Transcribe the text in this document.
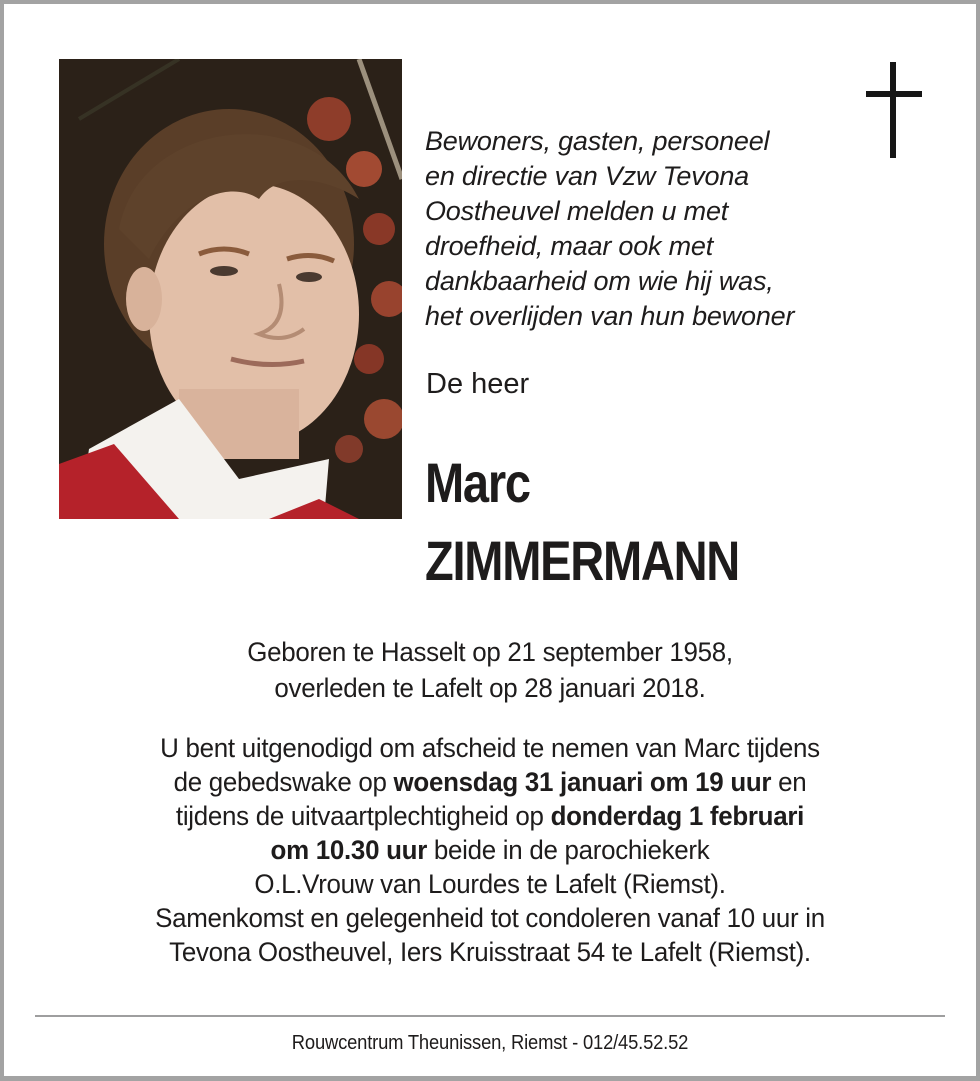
Bewoners, gasten, personeel
en directie van Vzw Tevona
Oostheuvel melden u met
droefheid, maar ook met
dankbaarheid om wie hij was,
het overlijden van hun bewoner
De heer
Marc
ZIMMERMANN
Geboren te Hasselt op 21 september 1958,
overleden te Lafelt op 28 januari 2018.
U bent uitgenodigd om afscheid te nemen van Marc tijdens
de gebedswake op woensdag 31 januari om 19 uur en
tijdens de uitvaartplechtigheid op donderdag 1 februari
om 10.30 uur beide in de parochiekerk
O.L.Vrouw van Lourdes te Lafelt (Riemst).
Samenkomst en gelegenheid tot condoleren vanaf 10 uur in
Tevona Oostheuvel, Iers Kruisstraat 54 te Lafelt (Riemst).
Rouwcentrum Theunissen, Riemst - 012/45.52.52
